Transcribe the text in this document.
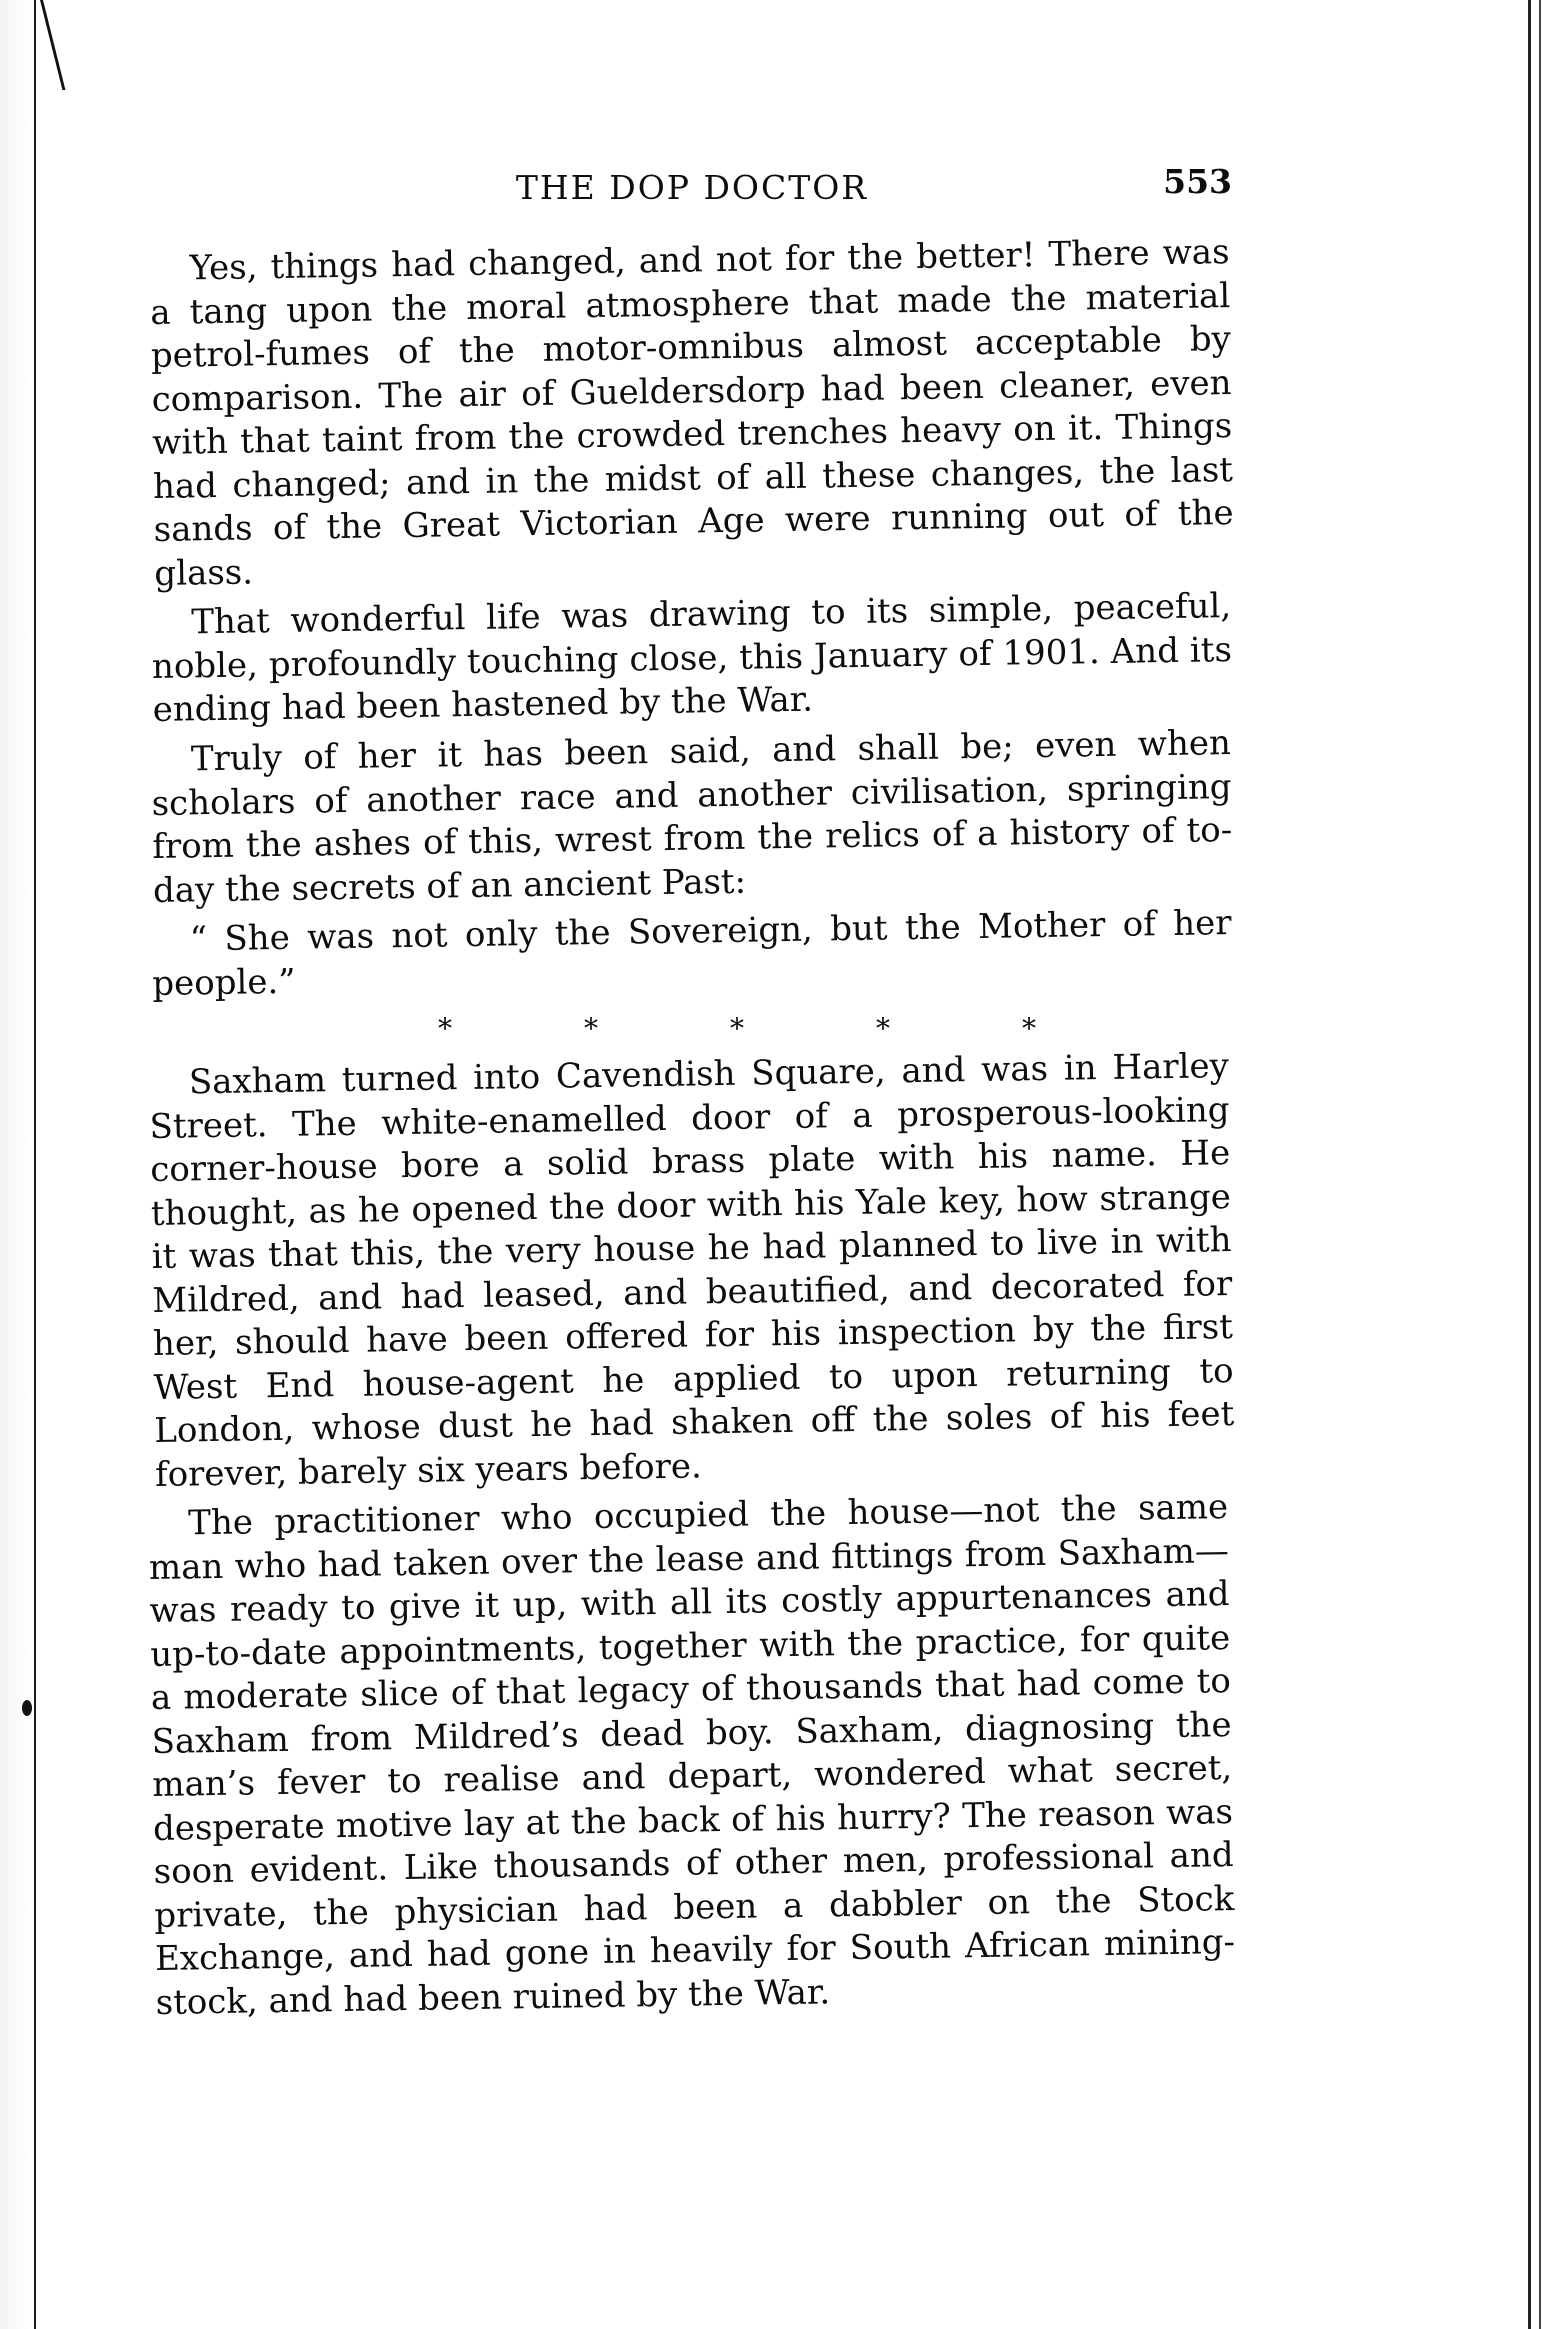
THE DOP DOCTOR	553

Yes, things had changed, and not for the better! There was a tang upon the moral atmosphere that made the material petrol-fumes of the motor-omnibus almost acceptable by comparison. The air of Gueldersdorp had been cleaner, even with that taint from the crowded trenches heavy on it. Things had changed; and in the midst of all these changes, the last sands of the Great Victorian Age were running out of the glass.

That wonderful life was drawing to its simple, peaceful, noble, profoundly touching close, this January of 1901. And its ending had been hastened by the War.

Truly of her it has been said, and shall be; even when scholars of another race and another civilisation, springing from the ashes of this, wrest from the relics of a history of to-day the secrets of an ancient Past:

“ She was not only the Sovereign, but the Mother of her people.”

*	*	*	*	*

Saxham turned into Cavendish Square, and was in Harley Street. The white-enamelled door of a prosperous-looking corner-house bore a solid brass plate with his name. He thought, as he opened the door with his Yale key, how strange it was that this, the very house he had planned to live in with Mildred, and had leased, and beautified, and decorated for her, should have been offered for his inspection by the first West End house-agent he applied to upon returning to London, whose dust he had shaken off the soles of his feet forever, barely six years before.

The practitioner who occupied the house—not the same man who had taken over the lease and fittings from Saxham—was ready to give it up, with all its costly appurtenances and up-to-date appointments, together with the practice, for quite a moderate slice of that legacy of thousands that had come to Saxham from Mildred’s dead boy. Saxham, diagnosing the man’s fever to realise and depart, wondered what secret, desperate motive lay at the back of his hurry? The reason was soon evident. Like thousands of other men, professional and private, the physician had been a dabbler on the Stock Exchange, and had gone in heavily for South African mining-stock, and had been ruined by the War.
